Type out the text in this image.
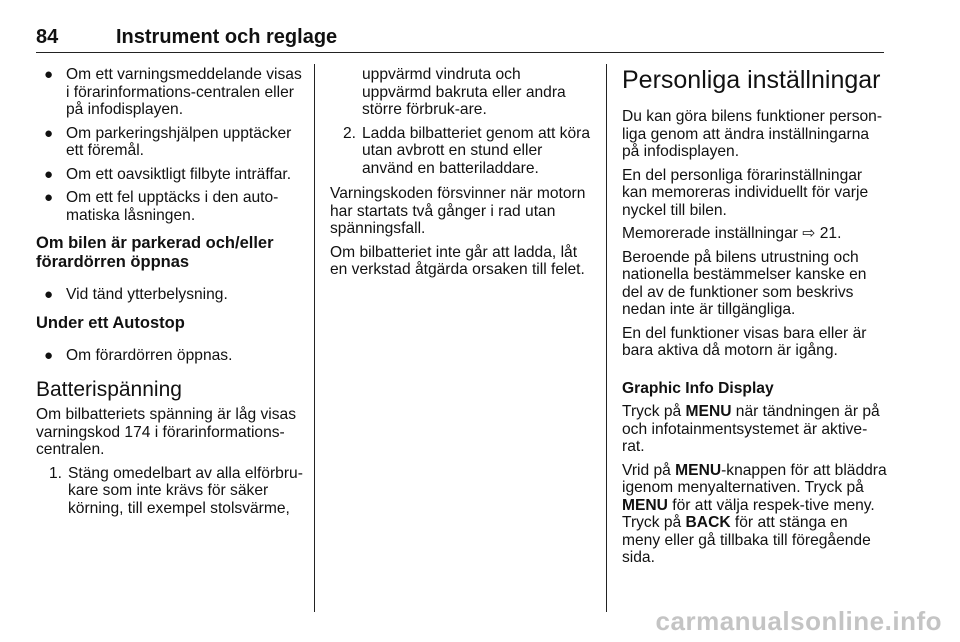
84	Instrument och reglage
● Om ett varningsmeddelande visas i förarinformations-centralen eller på infodisplayen.
● Om parkeringshjälpen upptäcker ett föremål.
● Om ett oavsiktligt filbyte inträffar.
● Om ett fel upptäcks i den auto-matiska låsningen.
Om bilen är parkerad och/eller förardörren öppnas
● Vid tänd ytterbelysning.
Under ett Autostop
● Om förardörren öppnas.
Batterispänning

Om bilbatteriets spänning är låg visas varningskod 174 i förarinformations-centralen.

1. Stäng omedelbart av alla elförbru-kare som inte krävs för säker körning, till exempel stolsvärme,
uppvärmd vindruta och uppvärmd bakruta eller andra större förbruk-are.
2. Ladda bilbatteriet genom att köra utan avbrott en stund eller använd en batteriladdare.

Varningskoden försvinner när motorn har startats två gånger i rad utan spänningsfall.

Om bilbatteriet inte går att ladda, låt en verkstad åtgärda orsaken till felet.

Personliga inställningar

Du kan göra bilens funktioner person-liga genom att ändra inställningarna på infodisplayen.

En del personliga förarinställningar kan memoreras individuellt för varje nyckel till bilen.

Memorerade inställningar ⇨ 21.

Beroende på bilens utrustning och nationella bestämmelser kanske en del av de funktioner som beskrivs nedan inte är tillgängliga.

En del funktioner visas bara eller är bara aktiva då motorn är igång.

Graphic Info Display

Tryck på MENU när tändningen är på och infotainmentsystemet är aktive-rat.

Vrid på MENU-knappen för att bläddra igenom menyalternativen. Tryck på MENU för att välja respek-tive meny. Tryck på BACK för att stänga en meny eller gå tillbaka till föregående sida.

carmanualsonline.info
